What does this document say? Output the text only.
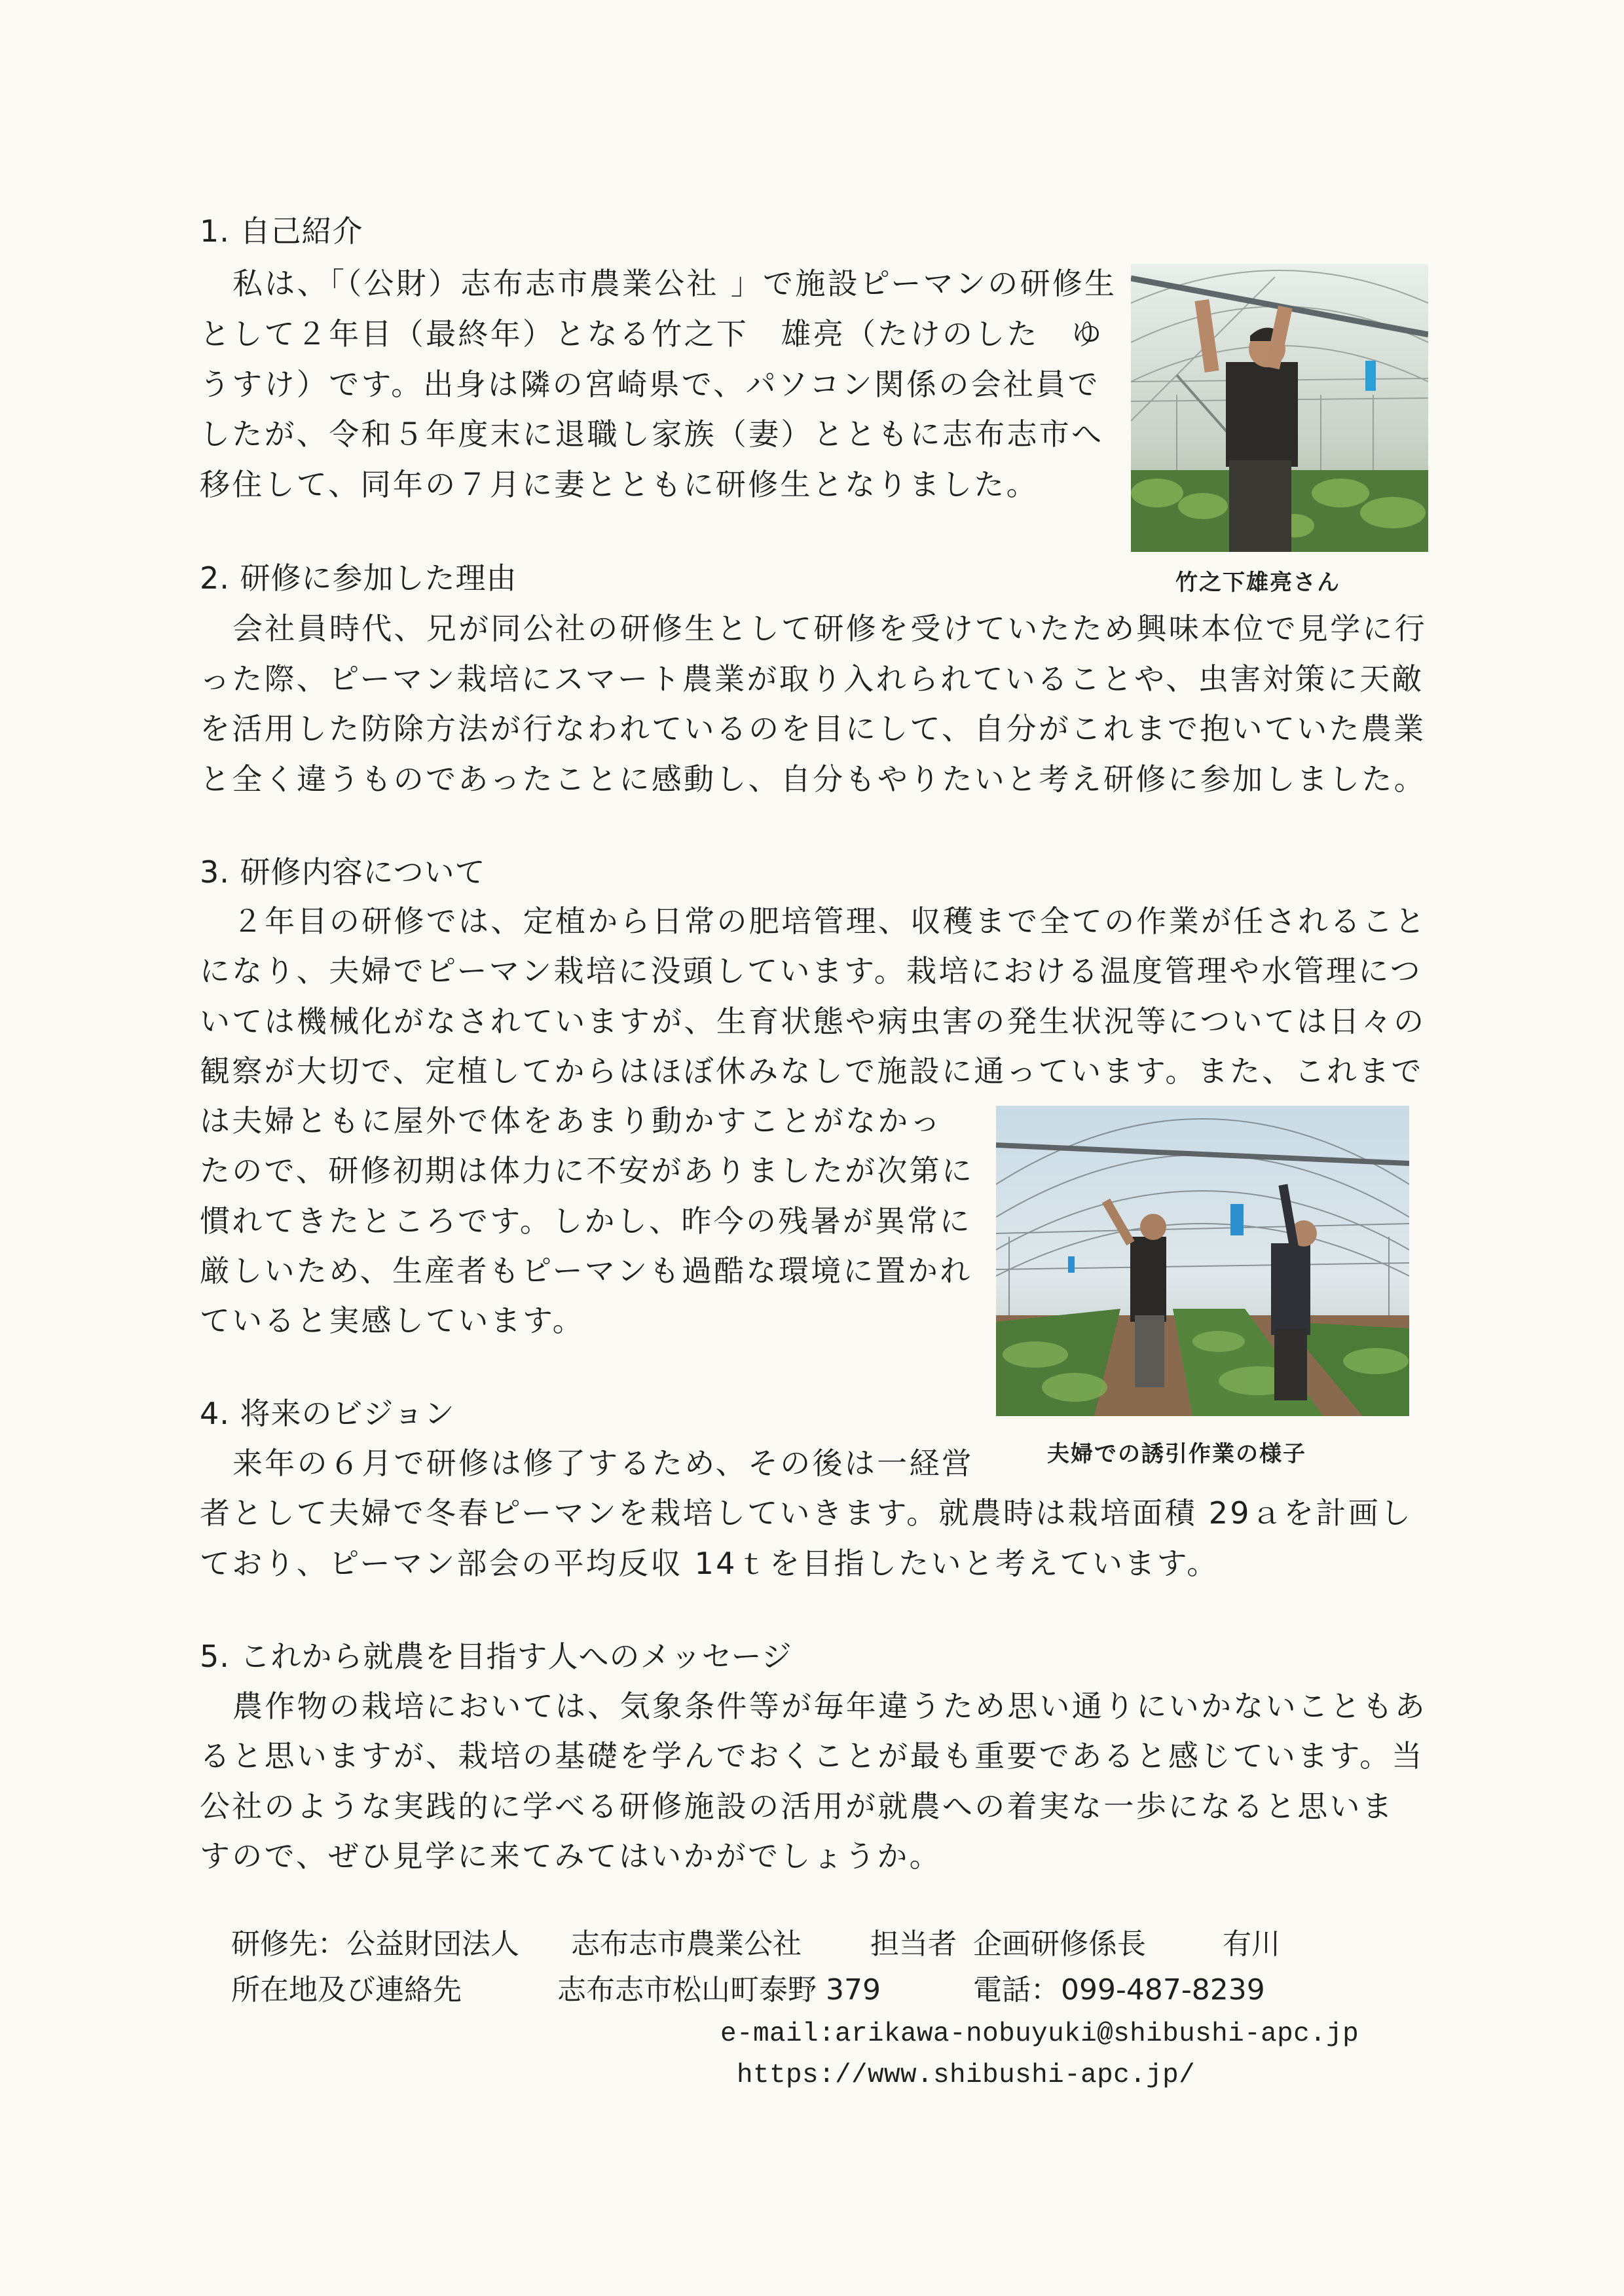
1. 自己紹介
私は、「（公財）志布志市農業公社 」で施設ピーマンの研修生
として２年目（最終年）となる竹之下　雄亮（たけのした　ゆ
うすけ）です。出身は隣の宮崎県で、パソコン関係の会社員で
したが、令和５年度末に退職し家族（妻）とともに志布志市へ
移住して、同年の７月に妻とともに研修生となりました。
竹之下雄亮さん
2. 研修に参加した理由
会社員時代、兄が同公社の研修生として研修を受けていたため興味本位で見学に行
った際、ピーマン栽培にスマート農業が取り入れられていることや、虫害対策に天敵
を活用した防除方法が行なわれているのを目にして、自分がこれまで抱いていた農業
と全く違うものであったことに感動し、自分もやりたいと考え研修に参加しました。
3. 研修内容について
２年目の研修では、定植から日常の肥培管理、収穫まで全ての作業が任されること
になり、夫婦でピーマン栽培に没頭しています。栽培における温度管理や水管理につ
いては機械化がなされていますが、生育状態や病虫害の発生状況等については日々の
観察が大切で、定植してからはほぼ休みなしで施設に通っています。また、これまで
は夫婦ともに屋外で体をあまり動かすことがなかっ
たので、研修初期は体力に不安がありましたが次第に
慣れてきたところです。しかし、昨今の残暑が異常に
厳しいため、生産者もピーマンも過酷な環境に置かれ
ていると実感しています。
夫婦での誘引作業の様子
4. 将来のビジョン
来年の６月で研修は修了するため、その後は一経営
者として夫婦で冬春ピーマンを栽培していきます。就農時は栽培面積 29ａを計画し
ており、ピーマン部会の平均反収 14ｔを目指したいと考えています。
5. これから就農を目指す人へのメッセージ
農作物の栽培においては、気象条件等が毎年違うため思い通りにいかないこともあ
ると思いますが、栽培の基礎を学んでおくことが最も重要であると感じています。当
公社のような実践的に学べる研修施設の活用が就農への着実な一歩になると思いま
すので、ぜひ見学に来てみてはいかがでしょうか。
研修先：公益財団法人 志布志市農業公社 担当者 企画研修係長	有川
所在地及び連絡先	志布志市松山町泰野 379	電話： 099-487-8239
e-mail:arikawa-nobuyuki@shibushi-apc.jp
https://www.shibushi-apc.jp/
